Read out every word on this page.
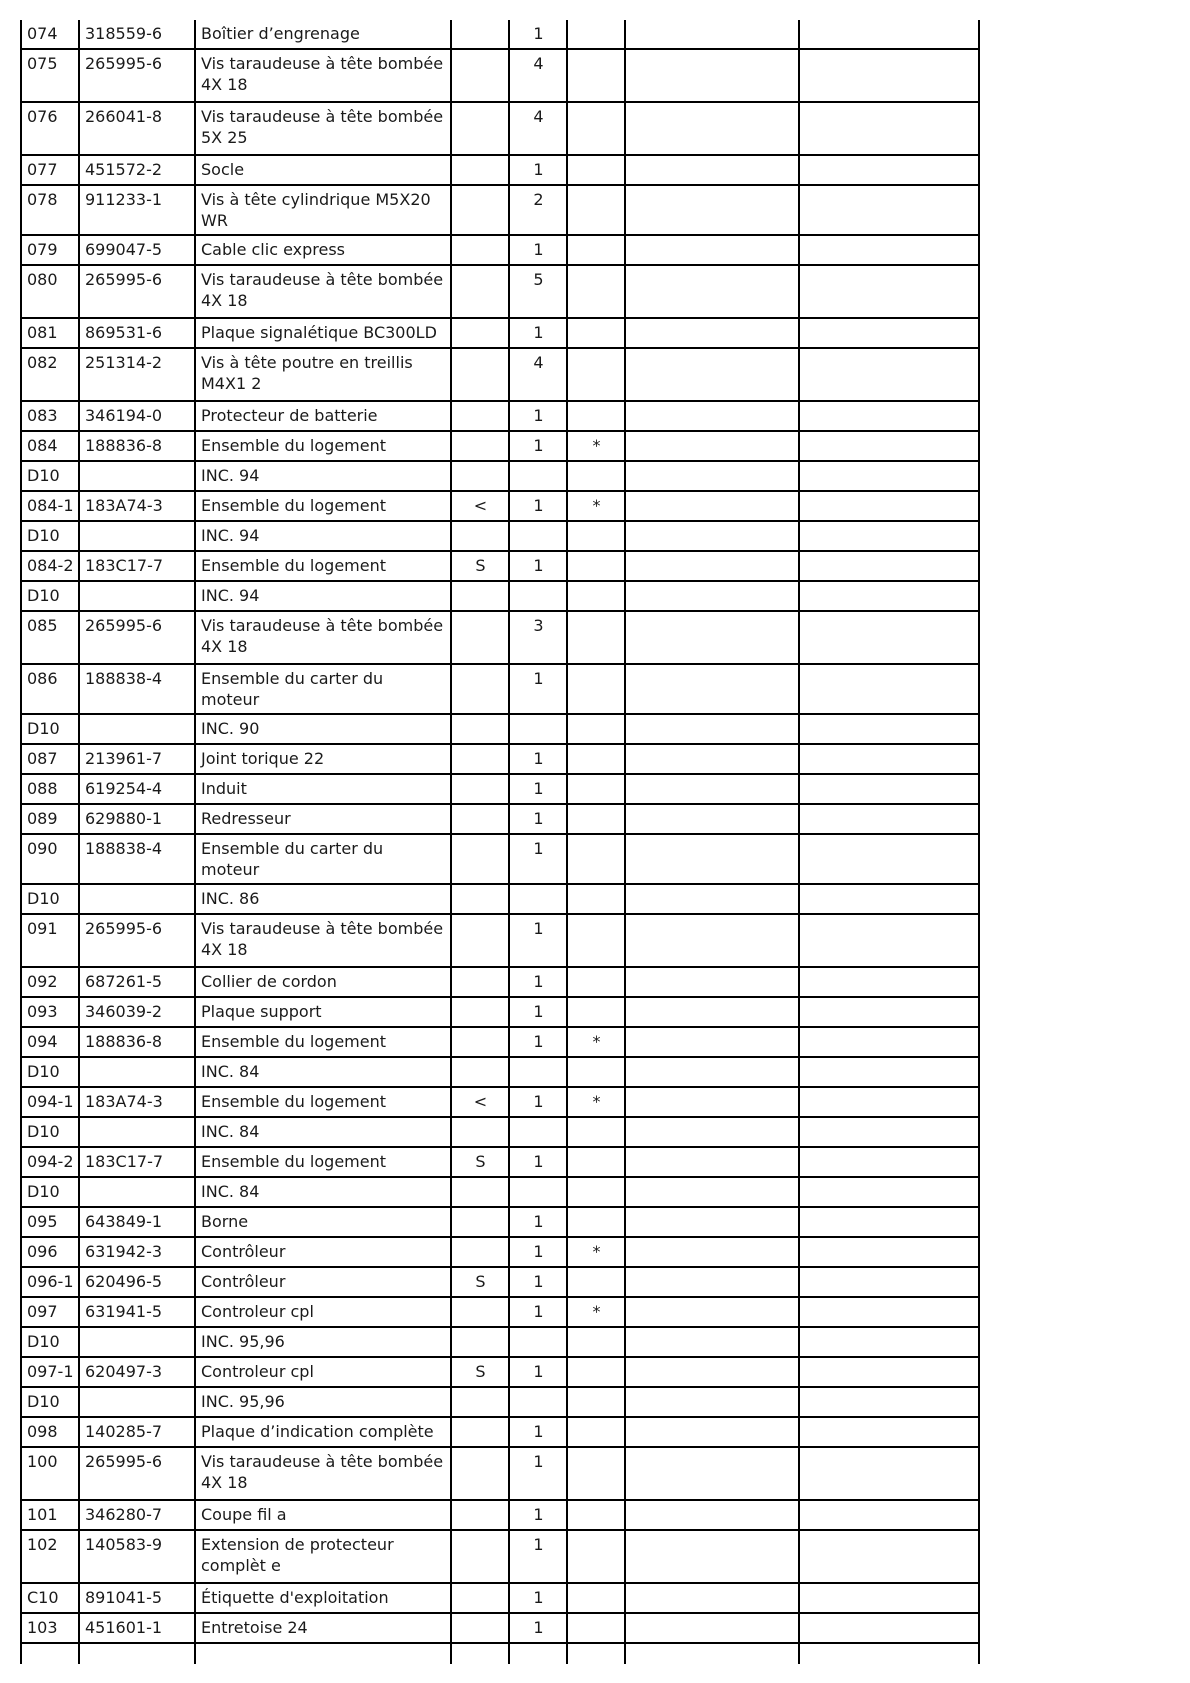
074	318559-6	Boîtier d’engrenage		1			
075	265995-6	Vis taraudeuse à tête bombée 4X 18		4			
076	266041-8	Vis taraudeuse à tête bombée 5X 25		4			
077	451572-2	Socle		1			
078	911233-1	Vis à tête cylindrique M5X20 WR		2			
079	699047-5	Cable clic express		1			
080	265995-6	Vis taraudeuse à tête bombée 4X 18		5			
081	869531-6	Plaque signalétique BC300LD		1			
082	251314-2	Vis à tête poutre en treillis M4X1 2		4			
083	346194-0	Protecteur de batterie		1			
084	188836-8	Ensemble du logement		1	*		
D10		INC. 94					
084-1	183A74-3	Ensemble du logement	<	1	*		
D10		INC. 94					
084-2	183C17-7	Ensemble du logement	S	1			
D10		INC. 94					
085	265995-6	Vis taraudeuse à tête bombée 4X 18		3			
086	188838-4	Ensemble du carter du moteur		1			
D10		INC. 90					
087	213961-7	Joint torique 22		1			
088	619254-4	Induit		1			
089	629880-1	Redresseur		1			
090	188838-4	Ensemble du carter du moteur		1			
D10		INC. 86					
091	265995-6	Vis taraudeuse à tête bombée 4X 18		1			
092	687261-5	Collier de cordon		1			
093	346039-2	Plaque support		1			
094	188836-8	Ensemble du logement		1	*		
D10		INC. 84					
094-1	183A74-3	Ensemble du logement	<	1	*		
D10		INC. 84					
094-2	183C17-7	Ensemble du logement	S	1			
D10		INC. 84					
095	643849-1	Borne		1			
096	631942-3	Contrôleur		1	*		
096-1	620496-5	Contrôleur	S	1			
097	631941-5	Controleur cpl		1	*		
D10		INC. 95,96					
097-1	620497-3	Controleur cpl	S	1			
D10		INC. 95,96					
098	140285-7	Plaque d’indication complète		1			
100	265995-6	Vis taraudeuse à tête bombée 4X 18		1			
101	346280-7	Coupe fil a		1			
102	140583-9	Extension de protecteur complèt e		1			
C10	891041-5	Étiquette d'exploitation		1			
103	451601-1	Entretoise 24		1			
